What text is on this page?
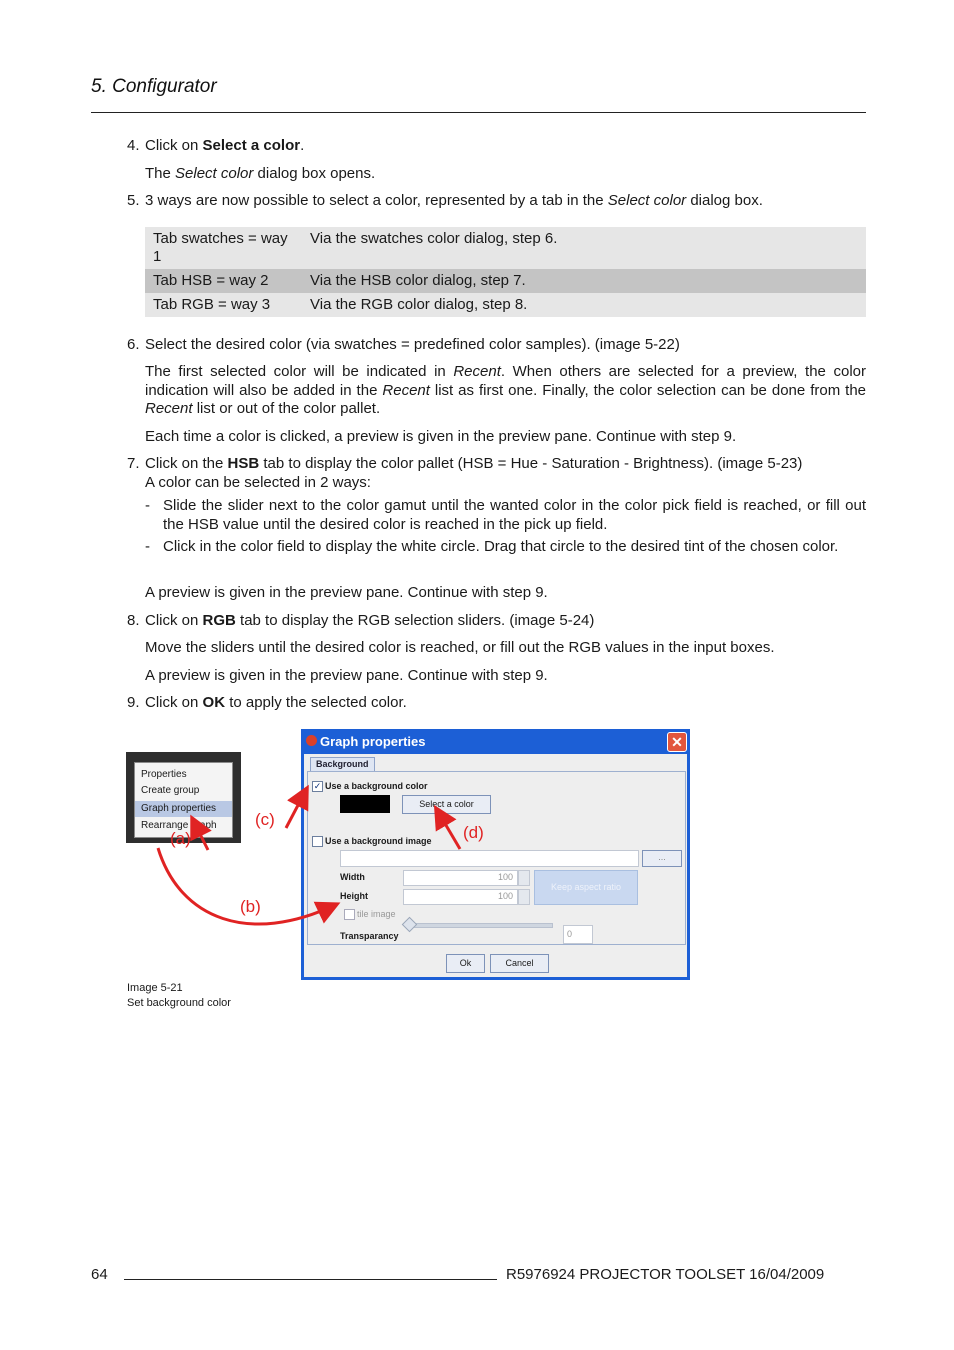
5. Configurator
4. Click on Select a color.
The Select color dialog box opens.
5. 3 ways are now possible to select a color, represented by a tab in the Select color dialog box.
Tab swatches = way 1	Via the swatches color dialog, step 6.
Tab HSB = way 2	Via the HSB color dialog, step 7.
Tab RGB = way 3	Via the RGB color dialog, step 8.
6. Select the desired color (via swatches = predefined color samples). (image 5-22)
The first selected color will be indicated in Recent. When others are selected for a preview, the color indication will also be added in the Recent list as first one. Finally, the color selection can be done from the Recent list or out of the color pallet.
Each time a color is clicked, a preview is given in the preview pane. Continue with step 9.
7. Click on the HSB tab to display the color pallet (HSB = Hue - Saturation - Brightness). (image 5-23)
A color can be selected in 2 ways:
- Slide the slider next to the color gamut until the wanted color in the color pick field is reached, or fill out the HSB value until the desired color is reached in the pick up field.
- Click in the color field to display the white circle. Drag that circle to the desired tint of the chosen color.
A preview is given in the preview pane. Continue with step 9.
8. Click on RGB tab to display the RGB selection sliders. (image 5-24)
Move the sliders until the desired color is reached, or fill out the RGB values in the input boxes.
A preview is given in the preview pane. Continue with step 9.
9. Click on OK to apply the selected color.
Properties
Create group
Graph properties
Rearrange graph
Graph properties	✕
Background
✓ Use a background color
Select a color
Use a background image
...
Width	100
Height	100
Keep aspect ratio
tile image
Transparancy	0
Ok	Cancel
(a)
(b)
(c)
(d)
Image 5-21
Set background color
64	R5976924 PROJECTOR TOOLSET 16/04/2009
